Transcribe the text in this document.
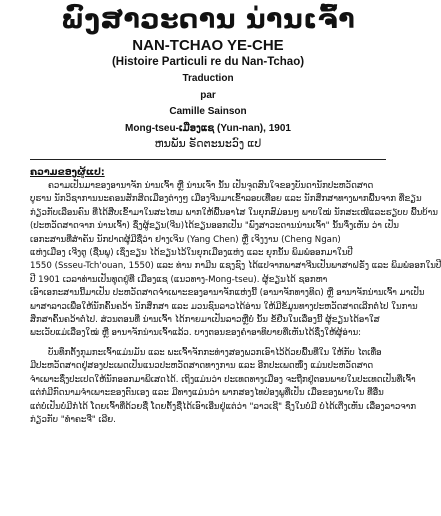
ພົງສາວະດານ ນ່ານເຈົ້າ
NAN-TCHAO YE-CHE
(Histoire Particuli re du Nan-Tchao)
Traduction
par
Camille Sainson
Mong-tseu-ເມືອງແຊ (Yun-nan), 1901
ຫນພັນ ຣັດຕະນະວົງ ແປ
ຄວາມຂອງຜູ້ແປ:
ຄວາມເປັນມາຂອງອານາຈັກ ນ່ານເຈົ້າ ຫຼື ນ່ານເຈົ່າ ນັ້ນ ເປັນຈຸດສົນໃຈຂອງບັນດານັກປະຫວັດສາດ
ບູຮານ ນັກວິຊາການນະຄອນສັກສິດເມືອງຕ່າງໆ ເມືອງຈີນມາເຂົ້າລອບເທື່ອຍ ແລະ ນັກສຶກສາທາງພາກພື້ນຈາກ ທີ່ຂຽນ
ກ່ຽວກັບເລືອນຄົນ ທີ່ໄດ້ສືບເຂົ້າມາໃນສະໄຫມ ພາກໃຫ້ພື້ນອາໄສ ໃນຍຸກສົມ່ອນໆ ພາບໃໝ່ ນັກສະເໜີແລະຮຽບບ ພື້ນບ້ານ
(ປະຫວັດສາດຈາກ ນ່ານເຈົ້າ) ຊຶ່ງຜູ້ຂຽນ(ຈີນ)ໄດ້ຂຽນອອກເປັນ "ພົງສາວະດານນ່ານເຈົ້າ" ນັ້ນຈຶ່ງເຫັນ ວ່າ ເປັນ
ເອກະສານທີ່ສຳຄັນ ນັກປາດຜູ້ມີຊື່ວ່າ ຢາງເຈິນ (Yang Chen) ຫຼື ເຈິງງານ (Cheng Ngan)
ແຫ່ງເມືອງ ເຈີງຕູ (ຊື່ນພູ) ເຊິ່ງຂຽນ ໄດ້ຂຽນໄວ້ໃນຍຸກເມືອງແຫ່ງ ແລະ ຍຸກນັ້ນ ພິມພໍອອກມາໃນປີ
1550 (Ssseu-Tch'ouan, 1550) ແລະ ທ່ານ ກາມີນ ແຊງຊົງ ໄດ້ແປຈາກພາສາຈີນເປັນພາສາຝຣັ່ງ ແລະ ພິມພໍອອກໃນປີ
ປີ 1901 ເວລາທ່ານເປັນທູດຢູ່ທີ່ ເມືອງແຊ (ແນວທາງ-Mong-tseu). ຜູ້ຂຽນໄດ້ ຊອກຫາ
ເອົາເອກະສານນີ້ມາເປັນ ປະຫວັດສາດຈຳເພາະຂອງອານາຈັກແຫ່ງນີ້ (ອານາຈັກທາງທິດ) ຫຼື ອານາຈັກນ່ານເຈົ້າ ມາເປັນ
ພາສາລາວເພື່ອໃຫ້ນັກຄົ້ນຄວ້າ ນັກສຶກສາ ແລະ ມວນຊົນລາວໄດ້ອ່ານ ໃຫ້ມີຂໍ້ມູນທາງປະຫວັດສາດເລີກຕໍ່ໄປ ໃນການ
ສຶກສາຄົ້ນຄວ້າຕໍ່ໄປ. ສ່ວນຕອນທີ່ ນ່ານເຈົ້າ ໄດ້ກາຍມາເປັນລາວຫຼືບໍ່ ນັ້ນ ຂໍ້ຢືນໃນເລື່ອງນີ້ ຜູ້ຂຽນໄດ້ອາໃສ
ພະເວັບແມ່ເລື່ອງໃໝ່ ຫຼື ອານາຈັກນ່ານເຈົ້າແລ້ວ. ບາງຕອນຂອງຄຳອາທິບາຍທີ່ເຫັນໄດ້ຊຶ່ງໃຫ້ຜູ້ອ່ານ:
ບັນທຶກຕັ້ງກຸມກະເຈົ້າແມ່ນມັນ ແລະ ພະເຈົ້າຈັກກະທ່າງສອງພວກເອົາໄວ້ດ້ວຍພື້ນທີ່ໃນ ໃຫ້ກັບ ໄຕເທື່ອ
ມີປະຫວັດສາດຢູ່ສອງປະເພດເປັນແນວປະຫວັດສາດທາງການ ແລະ ອີກປະເພດໜຶ່ງ ແມ່ນປະຫວັດສາດ
ຈຳເພາະຊຶ່ງປະເປດໃຫ້ນັກອອກມາພິເສດໄດ້. ເຖິງແມ່ນວ່າ ປະເທດທາງເມືອງ ຈະຖືກຢູ່ຕອນພາຍໃນປະເທດເປັນທີ່ເຈົ້າ
ແຕ່ກໍມີກົດນາມຈຳເພາະຂອງຕົນເອງ ແລະ ມີທາງແມ່ນວ່າ ພາກສອງໄທປ່ອງພູທີ່ເປັນ ເມື່ອຂອງພາຍໃນ ທີ່ອື່ນ
ແຕ່ບໍ່ເປັນບໍ່ມີກໍໄດ້ ໂດຍເຈົ້າທີ່ດ້ວຍຊື່ ໂດຍຕັ້ງຊື່ໄດ້ເອົາເອີ່ນຢູ່ແຕ່ວ່າ "ລາວເຊີ" ຊຶ່ງໃນບໍ່ມີ ບໍ່ໄດ້ເຕີ່ງເຫັນ ເລື່ອງລາວຈາກ
ກ່ຽວກັບ "ທຳຄະຈື" ເລີຍ.
